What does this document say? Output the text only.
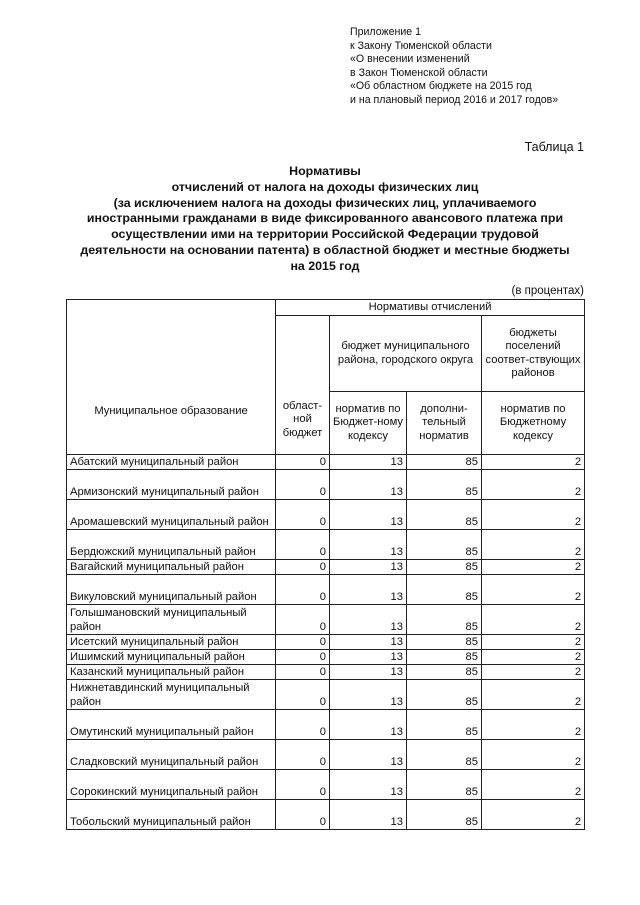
Приложение 1
к Закону Тюменской области
«О внесении изменений
в Закон Тюменской области
«Об областном бюджете на 2015 год
и на плановый период 2016 и 2017 годов»
Таблица 1
Нормативы
отчислений от налога на доходы физических лиц
(за исключением налога на доходы физических лиц, уплачиваемого
иностранными гражданами в виде фиксированного авансового платежа при
осуществлении ими на территории Российской Федерации трудовой
деятельности на основании патента) в областной бюджет и местные бюджеты
на 2015 год
(в процентах)
Муниципальное образование	Нормативы отчислений			
	област-ной бюджет	бюджет муниципального района, городского округа		бюджеты поселений соответ-ствующих районов
		норматив по Бюджет-ному кодексу	дополни-тельный норматив	норматив по Бюджетному кодексу
Абатский муниципальный район	0	13	85	2
Армизонский муниципальный район	0	13	85	2
Аромашевский муниципальный район	0	13	85	2
Бердюжский муниципальный район	0	13	85	2
Вагайский муниципальный район	0	13	85	2
Викуловский муниципальный район	0	13	85	2
Голышмановский муниципальный район	0	13	85	2
Исетский муниципальный район	0	13	85	2
Ишимский муниципальный район	0	13	85	2
Казанский муниципальный район	0	13	85	2
Нижнетавдинский муниципальный район	0	13	85	2
Омутинский муниципальный район	0	13	85	2
Сладковский муниципальный район	0	13	85	2
Сорокинский муниципальный район	0	13	85	2
Тобольский муниципальный район	0	13	85	2
